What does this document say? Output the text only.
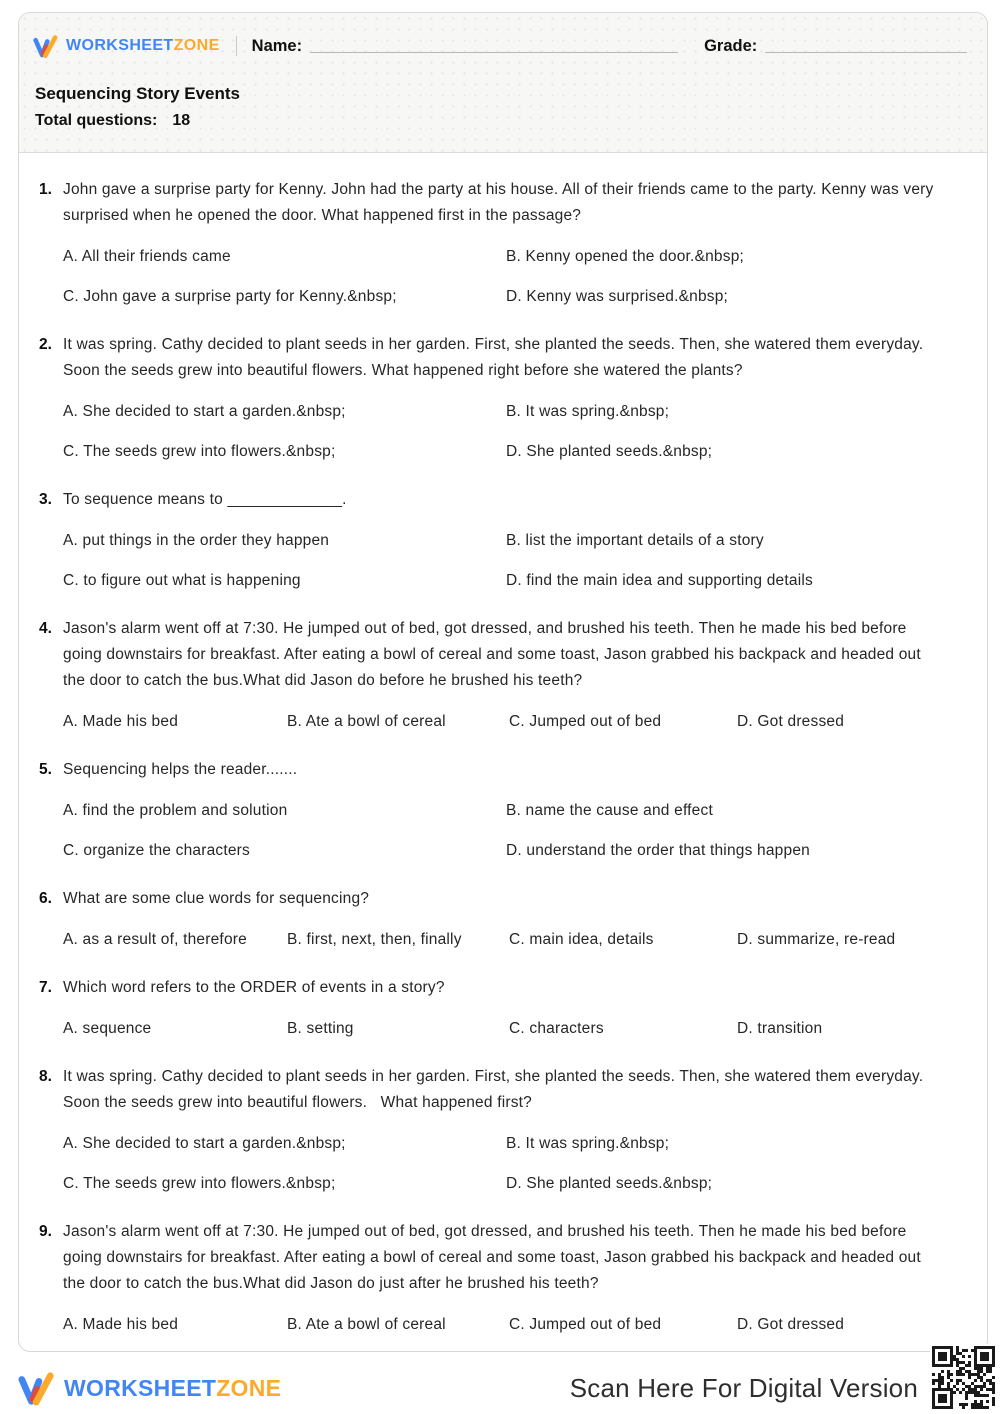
WORKSHEETZONE Name:	Grade:
Sequencing Story Events
Total questions: 18
1. John gave a surprise party for Kenny. John had the party at his house. All of their friends came to the party. Kenny was very surprised when he opened the door. What happened first in the passage?
A. All their friends came	B. Kenny opened the door.&nbsp;
C. John gave a surprise party for Kenny.&nbsp;	D. Kenny was surprised.&nbsp;
2. It was spring. Cathy decided to plant seeds in her garden. First, she planted the seeds. Then, she watered them everyday. Soon the seeds grew into beautiful flowers. What happened right before she watered the plants?
A. She decided to start a garden.&nbsp;	B. It was spring.&nbsp;
C. The seeds grew into flowers.&nbsp;	D. She planted seeds.&nbsp;
3. To sequence means to _____________.
A. put things in the order they happen	B. list the important details of a story
C. to figure out what is happening	D. find the main idea and supporting details
4. Jason's alarm went off at 7:30. He jumped out of bed, got dressed, and brushed his teeth. Then he made his bed before going downstairs for breakfast. After eating a bowl of cereal and some toast, Jason grabbed his backpack and headed out the door to catch the bus.What did Jason do before he brushed his teeth?
A. Made his bed	B. Ate a bowl of cereal	C. Jumped out of bed	D. Got dressed
5. Sequencing helps the reader.......
A. find the problem and solution	B. name the cause and effect
C. organize the characters	D. understand the order that things happen
6. What are some clue words for sequencing?
A. as a result of, therefore	B. first, next, then, finally	C. main idea, details	D. summarize, re-read
7. Which word refers to the ORDER of events in a story?
A. sequence	B. setting	C. characters	D. transition
8. It was spring. Cathy decided to plant seeds in her garden. First, she planted the seeds. Then, she watered them everyday. Soon the seeds grew into beautiful flowers.   What happened first?
A. She decided to start a garden.&nbsp;	B. It was spring.&nbsp;
C. The seeds grew into flowers.&nbsp;	D. She planted seeds.&nbsp;
9. Jason's alarm went off at 7:30. He jumped out of bed, got dressed, and brushed his teeth. Then he made his bed before going downstairs for breakfast. After eating a bowl of cereal and some toast, Jason grabbed his backpack and headed out the door to catch the bus.What did Jason do just after he brushed his teeth?
A. Made his bed	B. Ate a bowl of cereal	C. Jumped out of bed	D. Got dressed
WORKSHEETZONE	Scan Here For Digital Version
